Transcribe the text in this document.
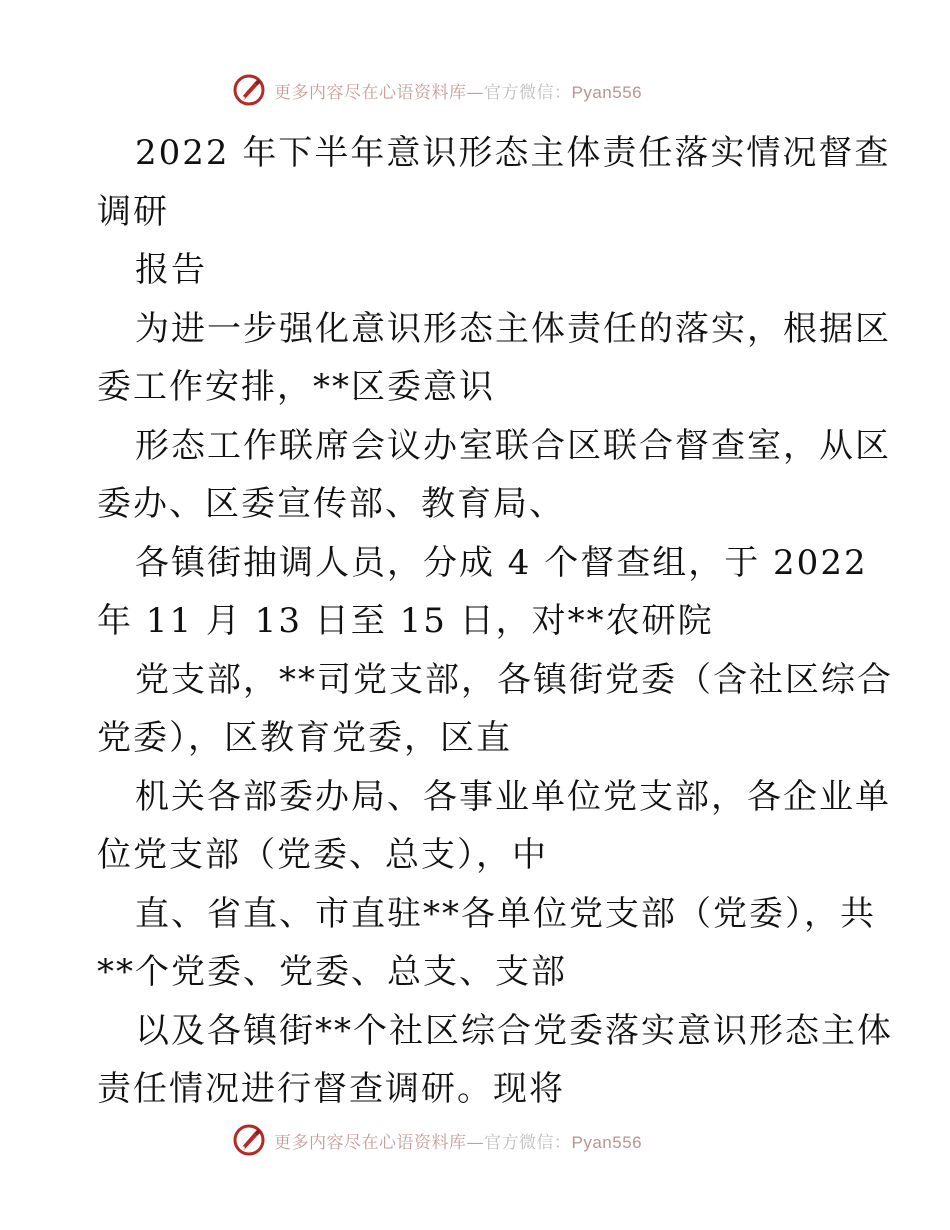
更多内容尽在心语资料库—官方微信：Pyan556
2022 年下半年意识形态主体责任落实情况督查
调研
报告
为进一步强化意识形态主体责任的落实，根据区
委工作安排，**区委意识
形态工作联席会议办室联合区联合督查室，从区
委办、区委宣传部、教育局、
各镇街抽调人员，分成 4 个督查组，于 2022
年 11 月 13 日至 15 日，对**农研院
党支部，**司党支部，各镇街党委（含社区综合
党委），区教育党委，区直
机关各部委办局、各事业单位党支部，各企业单
位党支部（党委、总支），中
直、省直、市直驻**各单位党支部（党委），共
**个党委、党委、总支、支部
以及各镇街**个社区综合党委落实意识形态主体
责任情况进行督查调研。现将
更多内容尽在心语资料库—官方微信：Pyan556
